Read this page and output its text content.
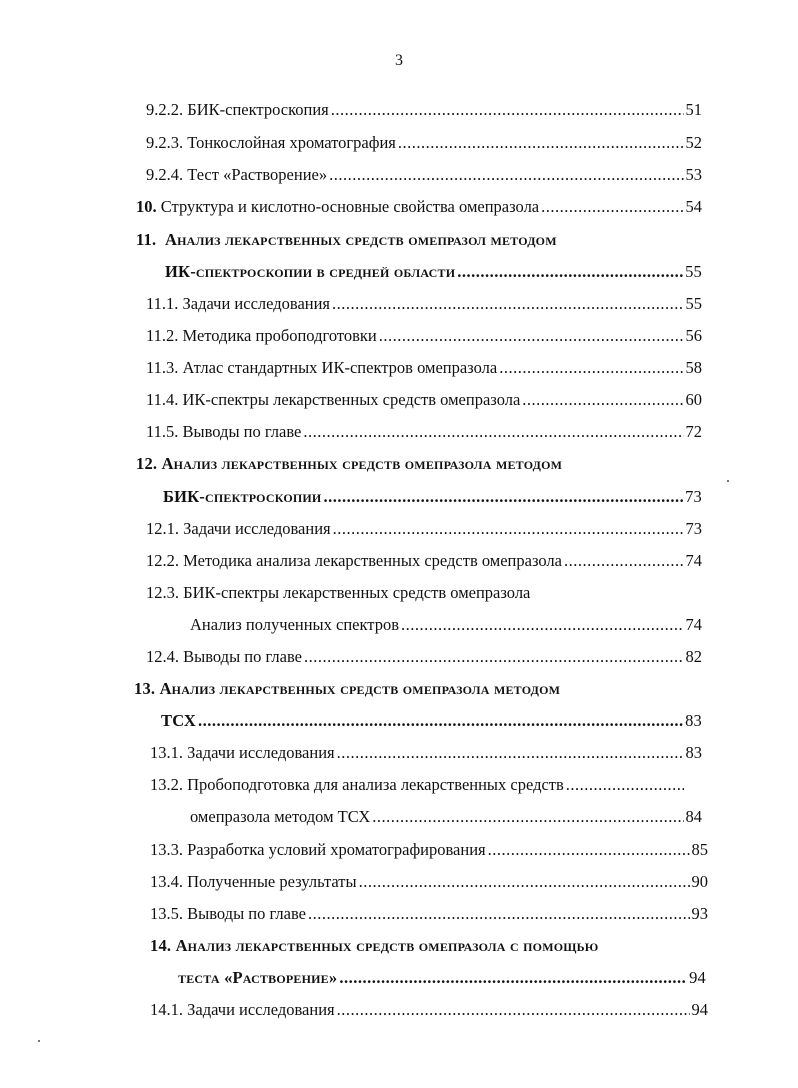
3
9.2.2. БИК-спектроскопия .....	51
9.2.3. Тонкослойная хроматография .....	52
9.2.4. Тест «Растворение» .....	53
10. Структура и кислотно-основные свойства омепразола .....	54
11. Анализ лекарственных средств омепразол методом
ИК-спектроскопии в средней области .....	55
11.1. Задачи исследования .....	55
11.2. Методика пробоподготовки .....	56
11.3. Атлас стандартных ИК-спектров омепразола .....	58
11.4. ИК-спектры лекарственных средств омепразола .....	60
11.5. Выводы по главе .....	72
12. Анализ лекарственных средств омепразола методом
БИК-спектроскопии .....	73
12.1. Задачи исследования .....	73
12.2. Методика анализа лекарственных средств омепразола .....	74
12.3. БИК-спектры лекарственных средств омепразола
Анализ полученных спектров .....	74
12.4. Выводы по главе .....	82
13. Анализ лекарственных средств омепразола методом
ТСХ .....	83
13.1. Задачи исследования .....	83
13.2. Пробоподготовка для анализа лекарственных средств
.....
омепразола методом ТСХ .....	84
13.3. Разработка условий хроматографирования .....	85
13.4. Полученные результаты .....	90
13.5. Выводы по главе .....	93
14. Анализ лекарственных средств омепразола с помощью
теста «Растворение» .....	94
14.1. Задачи исследования .....	94
